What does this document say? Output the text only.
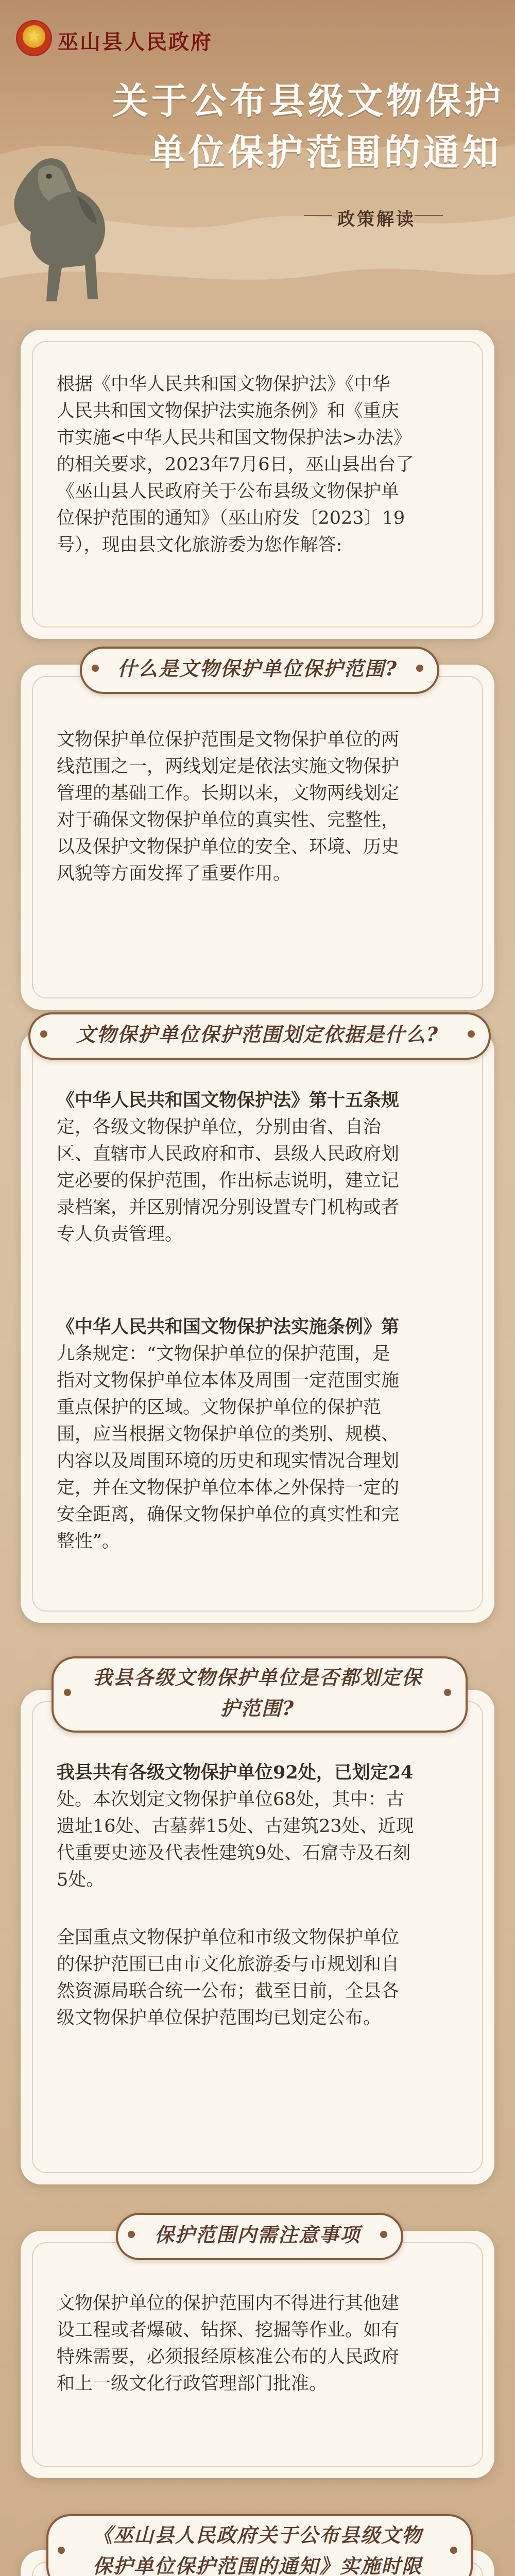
★ 巫山县人民政府
关于公布县级文物保护
单位保护范围的通知
政策解读
根据《中华人民共和国文物保护法》《中华
人民共和国文物保护法实施条例》和《重庆
市实施<中华人民共和国文物保护法>办法》
的相关要求，2023年7月6日，巫山县出台了
《巫山县人民政府关于公布县级文物保护单
位保护范围的通知》（巫山府发〔2023〕19
号），现由县文化旅游委为您作解答:
什么是文物保护单位保护范围?
文物保护单位保护范围是文物保护单位的两
线范围之一，两线划定是依法实施文物保护
管理的基础工作。长期以来，文物两线划定
对于确保文物保护单位的真实性、完整性，
以及保护文物保护单位的安全、环境、历史
风貌等方面发挥了重要作用。
文物保护单位保护范围划定依据是什么?
《中华人民共和国文物保护法》第十五条规
定，各级文物保护单位，分别由省、自治
区、直辖市人民政府和市、县级人民政府划
定必要的保护范围，作出标志说明，建立记
录档案，并区别情况分别设置专门机构或者
专人负责管理。
《中华人民共和国文物保护法实施条例》第
九条规定：“文物保护单位的保护范围，是
指对文物保护单位本体及周围一定范围实施
重点保护的区域。文物保护单位的保护范
围，应当根据文物保护单位的类别、规模、
内容以及周围环境的历史和现实情况合理划
定，并在文物保护单位本体之外保持一定的
安全距离，确保文物保护单位的真实性和完
整性”。
我县各级文物保护单位是否都划定保
护范围?
我县共有各级文物保护单位92处，已划定24
处。本次划定文物保护单位68处，其中：古
遗址16处、古墓葬15处、古建筑23处、近现
代重要史迹及代表性建筑9处、石窟寺及石刻
5处。
全国重点文物保护单位和市级文物保护单位
的保护范围已由市文化旅游委与市规划和自
然资源局联合统一公布；截至目前，全县各
级文物保护单位保护范围均已划定公布。
保护范围内需注意事项
文物保护单位的保护范围内不得进行其他建
设工程或者爆破、钻探、挖掘等作业。如有
特殊需要，必须报经原核准公布的人民政府
和上一级文化行政管理部门批准。
《巫山县人民政府关于公布县级文物
保护单位保护范围的通知》实施时限
